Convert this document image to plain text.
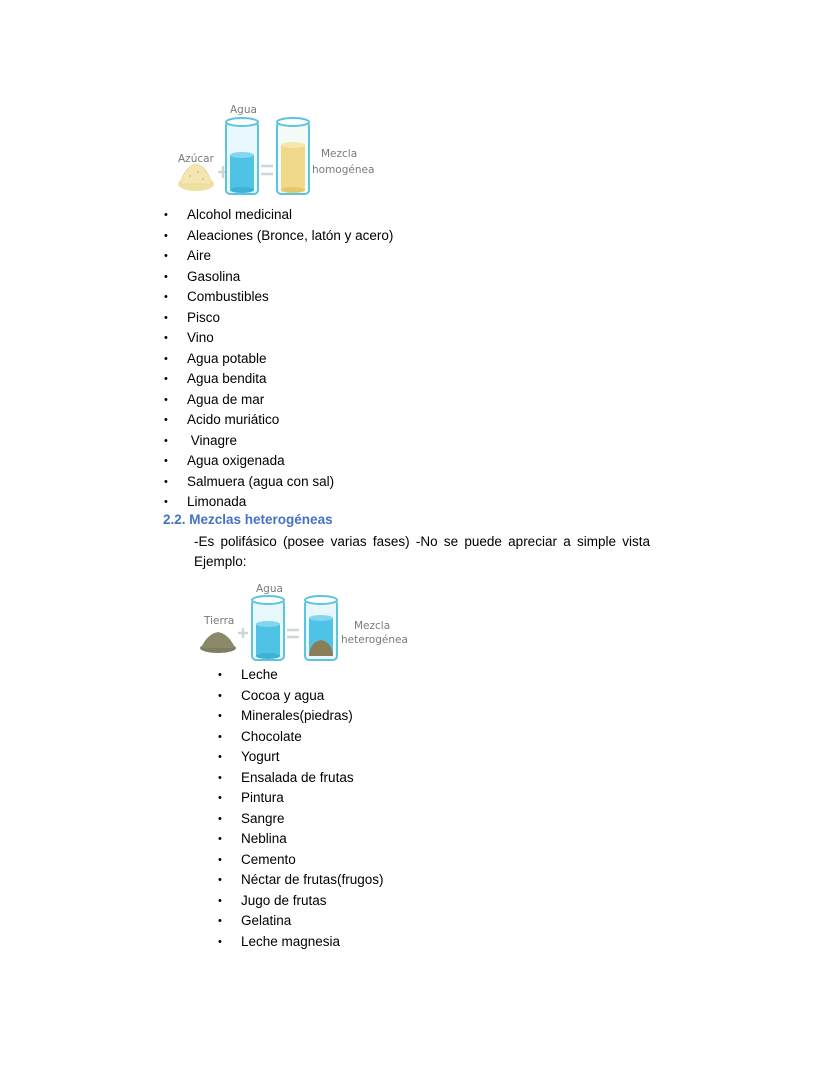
Azúcar
Agua
Mezcla
homogénea
• Alcohol medicinal
• Aleaciones (Bronce, latón y acero)
• Aire
• Gasolina
• Combustibles
• Pisco
• Vino
• Agua potable
• Agua bendita
• Agua de mar
• Acido muriático
• Vinagre
• Agua oxigenada
• Salmuera (agua con sal)
• Limonada
2.2. Mezclas heterogéneas
-Es polifásico (posee varias fases) -No se puede apreciar a simple vista
Ejemplo:
Tierra
Agua
Mezcla
heterogénea
• Leche
• Cocoa y agua
• Minerales(piedras)
• Chocolate
• Yogurt
• Ensalada de frutas
• Pintura
• Sangre
• Neblina
• Cemento
• Néctar de frutas(frugos)
• Jugo de frutas
• Gelatina
• Leche magnesia
